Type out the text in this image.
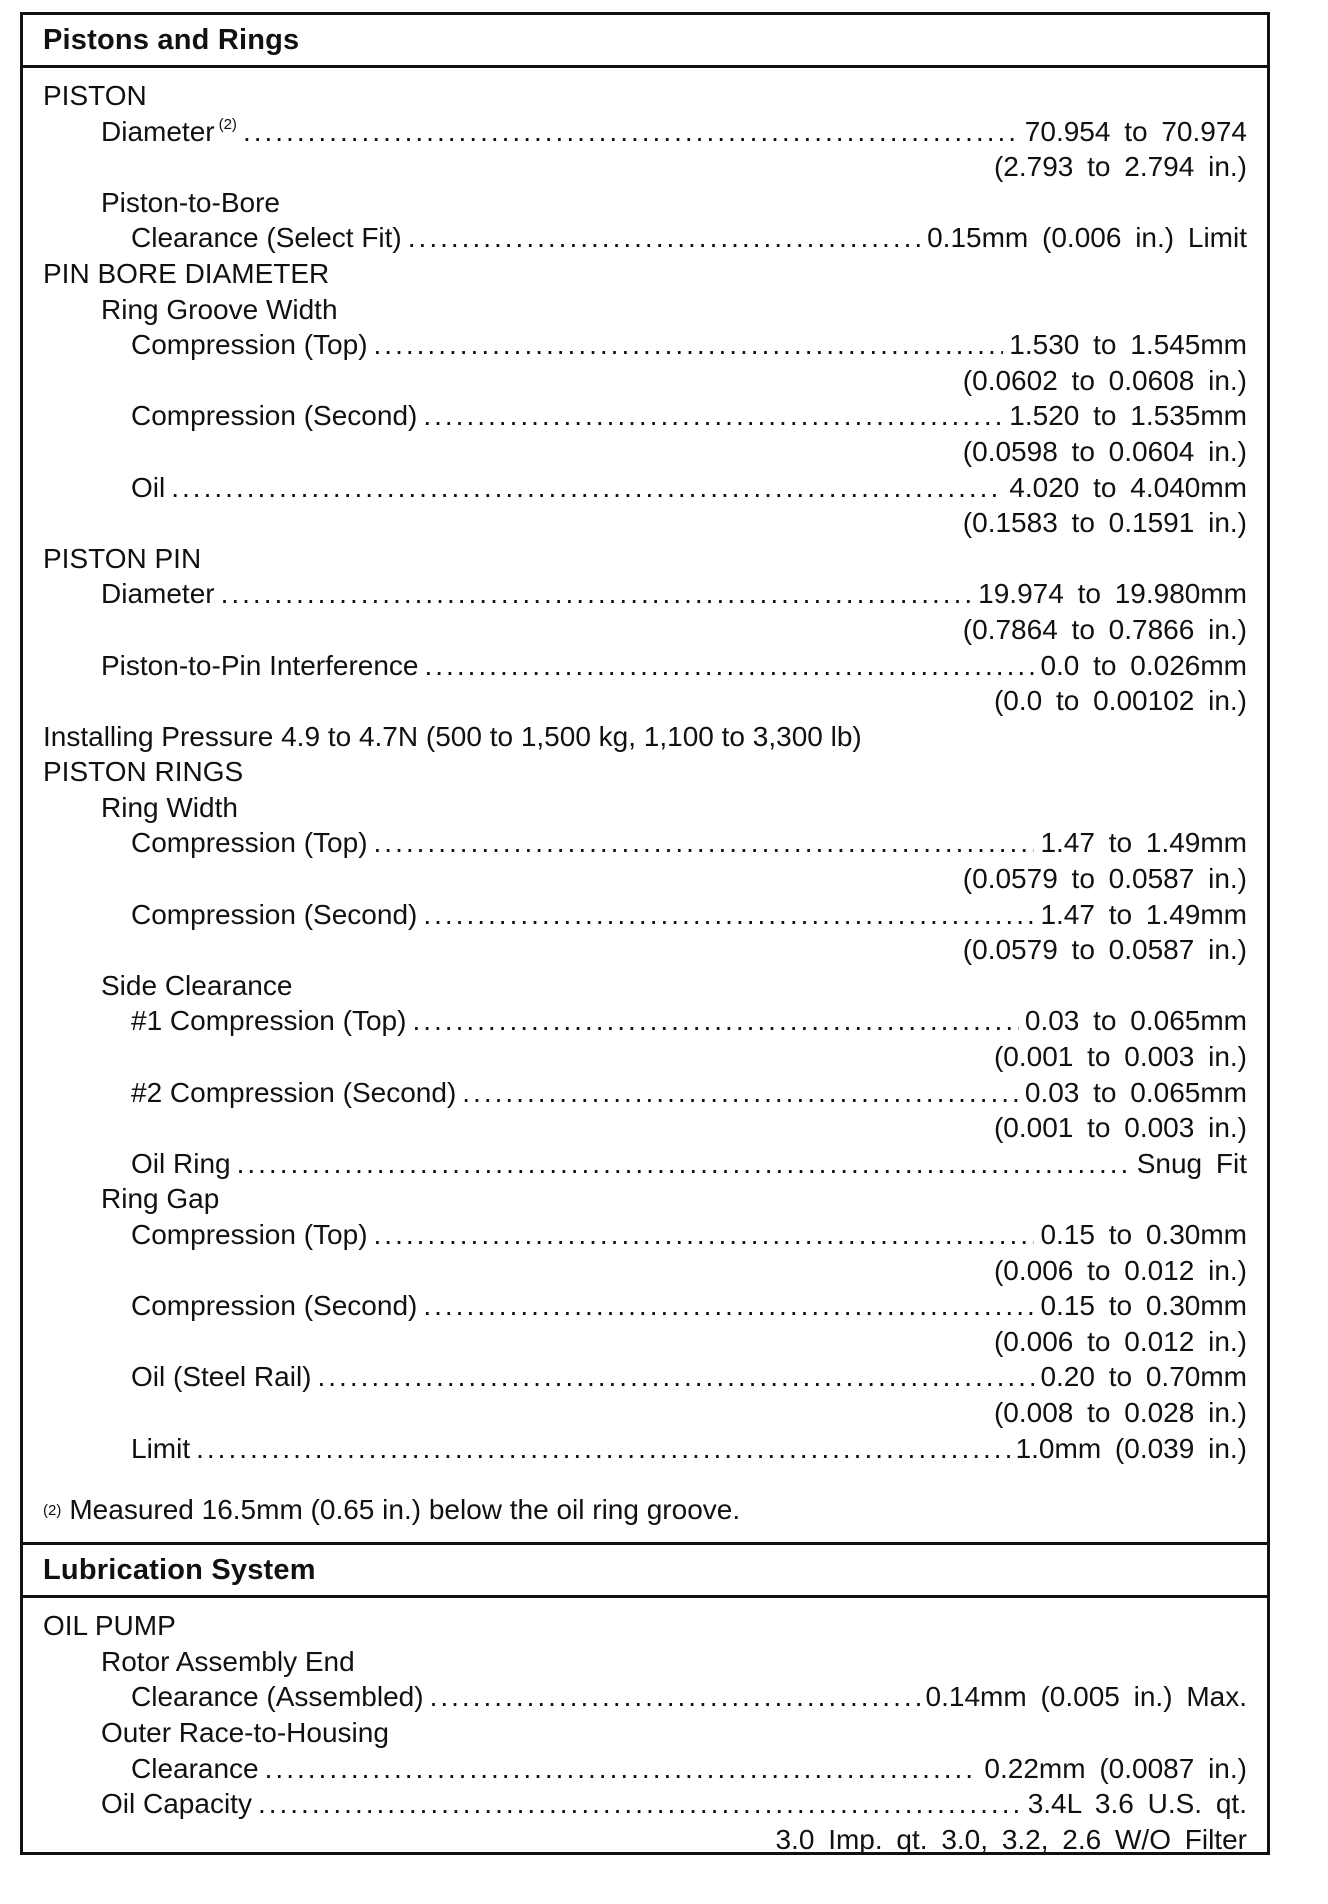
Pistons and Rings
PISTON
Diameter $^{(2)}$ .....	70.954 to 70.974
(2.793 to 2.794 in.)
Piston-to-Bore
Clearance (Select Fit) .....	0.15mm (0.006 in.) Limit
PIN BORE DIAMETER
Ring Groove Width
Compression (Top) .....	1.530 to 1.545mm
(0.0602 to 0.0608 in.)
Compression (Second) .....	1.520 to 1.535mm
(0.0598 to 0.0604 in.)
Oil .....	4.020 to 4.040mm
(0.1583 to 0.1591 in.)
PISTON PIN
Diameter .....	19.974 to 19.980mm
(0.7864 to 0.7866 in.)
Piston-to-Pin Interference .....	0.0 to 0.026mm
(0.0 to 0.00102 in.)
Installing Pressure 4.9 to 4.7N (500 to 1,500 kg, 1,100 to 3,300 lb)
PISTON RINGS
Ring Width
Compression (Top) .....	1.47 to 1.49mm
(0.0579 to 0.0587 in.)
Compression (Second) .....	1.47 to 1.49mm
(0.0579 to 0.0587 in.)
Side Clearance
#1 Compression (Top) .....	0.03 to 0.065mm
(0.001 to 0.003 in.)
#2 Compression (Second) .....	0.03 to 0.065mm
(0.001 to 0.003 in.)
Oil Ring .....	Snug Fit
Ring Gap
Compression (Top) .....	0.15 to 0.30mm
(0.006 to 0.012 in.)
Compression (Second) .....	0.15 to 0.30mm
(0.006 to 0.012 in.)
Oil (Steel Rail) .....	0.20 to 0.70mm
(0.008 to 0.028 in.)
Limit .....	1.0mm (0.039 in.)
(2) Measured 16.5mm (0.65 in.) below the oil ring groove.
Lubrication System
OIL PUMP
Rotor Assembly End
Clearance (Assembled) .....	0.14mm (0.005 in.) Max.
Outer Race-to-Housing
Clearance .....	0.22mm (0.0087 in.)
Oil Capacity .....	3.4L 3.6 U.S. qt.
3.0 Imp. qt. 3.0, 3.2, 2.6 W/O Filter
